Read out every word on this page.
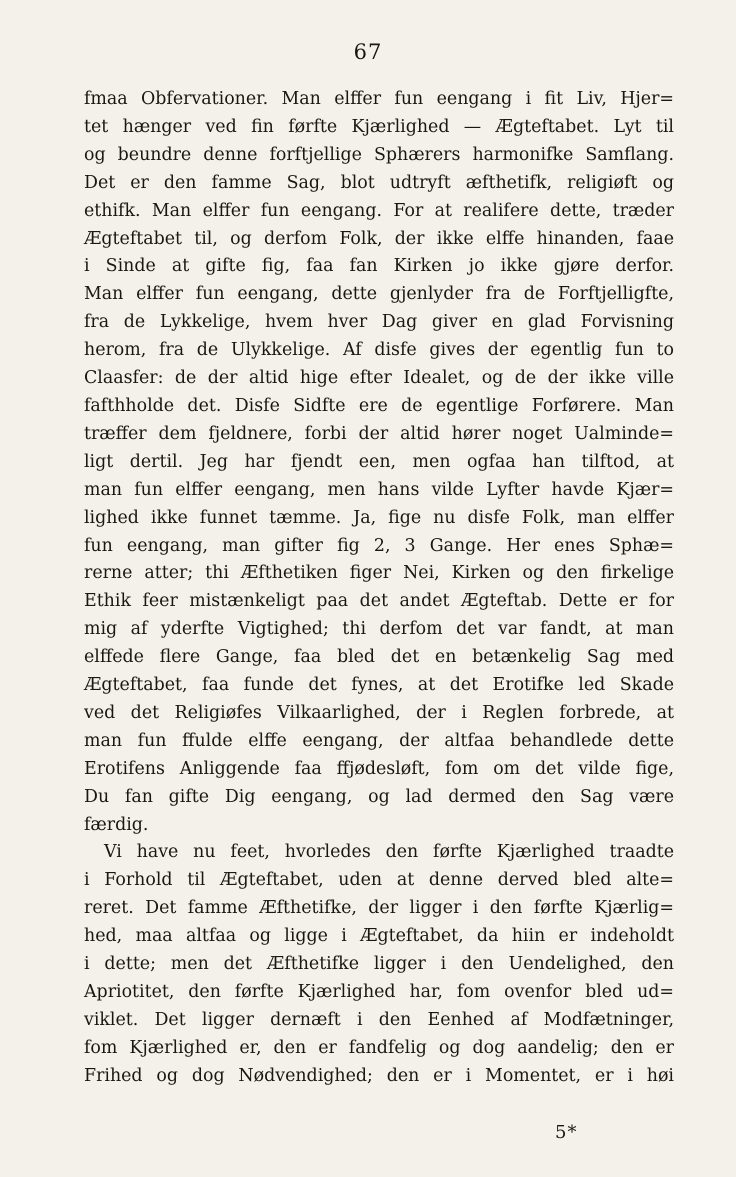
67
fmaa Obfervationer. Man elffer fun eengang i fit Liv, Hjer=
tet hænger ved fin førfte Kjærlighed — Ægteftabet. Lyt til
og beundre denne forftjellige Sphærers harmonifke Samflang.
Det er den famme Sag, blot udtryft æfthetifk, religiøft og
ethifk. Man elffer fun eengang. For at realifere dette, træder
Ægteftabet til, og derfom Folk, der ikke elffe hinanden, faae
i Sinde at gifte fig, faa fan Kirken jo ikke gjøre derfor.
Man elffer fun eengang, dette gjenlyder fra de Forftjelligfte,
fra de Lykkelige, hvem hver Dag giver en glad Forvisning
herom, fra de Ulykkelige. Af disfe gives der egentlig fun to
Claasfer: de der altid hige efter Idealet, og de der ikke ville
fafthholde det. Disfe Sidfte ere de egentlige Forførere. Man
træffer dem fjeldnere, forbi der altid hører noget Ualminde=
ligt dertil. Jeg har fjendt een, men ogfaa han tilftod, at
man fun elffer eengang, men hans vilde Lyfter havde Kjær=
lighed ikke funnet tæmme. Ja, fige nu disfe Folk, man elffer
fun eengang, man gifter fig 2, 3 Gange. Her enes Sphæ=
rerne atter; thi Æfthetiken figer Nei, Kirken og den firkelige
Ethik feer mistænkeligt paa det andet Ægteftab. Dette er for
mig af yderfte Vigtighed; thi derfom det var fandt, at man
elffede flere Gange, faa bled det en betænkelig Sag med
Ægteftabet, faa funde det fynes, at det Erotifke led Skade
ved det Religiøfes Vilkaarlighed, der i Reglen forbrede, at
man fun ffulde elffe eengang, der altfaa behandlede dette
Erotifens Anliggende faa ffjødesløft, fom om det vilde fige,
Du fan gifte Dig eengang, og lad dermed den Sag være
færdig.
Vi have nu feet, hvorledes den førfte Kjærlighed traadte
i Forhold til Ægteftabet, uden at denne derved bled alte=
reret. Det famme Æfthetifke, der ligger i den førfte Kjærlig=
hed, maa altfaa og ligge i Ægteftabet, da hiin er indeholdt
i dette; men det Æfthetifke ligger i den Uendelighed, den
Apriotitet, den førfte Kjærlighed har, fom ovenfor bled ud=
viklet. Det ligger dernæft i den Eenhed af Modfætninger,
fom Kjærlighed er, den er fandfelig og dog aandelig; den er
Frihed og dog Nødvendighed; den er i Momentet, er i høi
5*
